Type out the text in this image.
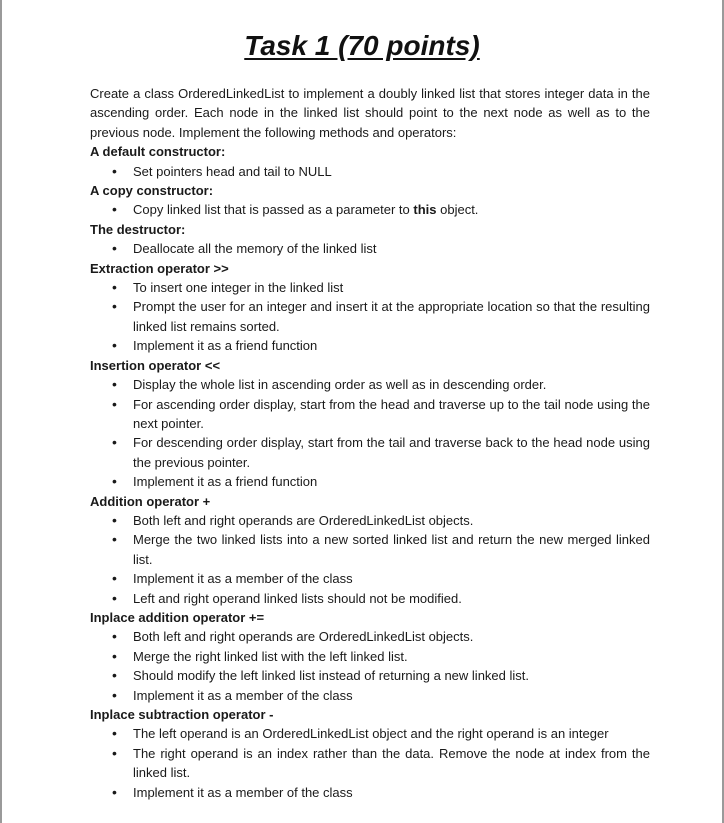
Task 1 (70 points)

Create a class OrderedLinkedList to implement a doubly linked list that stores integer data in the ascending order. Each node in the linked list should point to the next node as well as to the previous node. Implement the following methods and operators:

A default constructor:

• Set pointers head and tail to NULL

A copy constructor:

• Copy linked list that is passed as a parameter to this object.

The destructor:

• Deallocate all the memory of the linked list

Extraction operator >>

• To insert one integer in the linked list
• Prompt the user for an integer and insert it at the appropriate location so that the resulting linked list remains sorted.
• Implement it as a friend function

Insertion operator <<

• Display the whole list in ascending order as well as in descending order.
• For ascending order display, start from the head and traverse up to the tail node using the next pointer.
• For descending order display, start from the tail and traverse back to the head node using the previous pointer.
• Implement it as a friend function

Addition operator +

• Both left and right operands are OrderedLinkedList objects.
• Merge the two linked lists into a new sorted linked list and return the new merged linked list.
• Implement it as a member of the class
• Left and right operand linked lists should not be modified.

Inplace addition operator +=

• Both left and right operands are OrderedLinkedList objects.
• Merge the right linked list with the left linked list.
• Should modify the left linked list instead of returning a new linked list.
• Implement it as a member of the class

Inplace subtraction operator -

• The left operand is an OrderedLinkedList object and the right operand is an integer
• The right operand is an index rather than the data. Remove the node at index from the linked list.
• Implement it as a member of the class
